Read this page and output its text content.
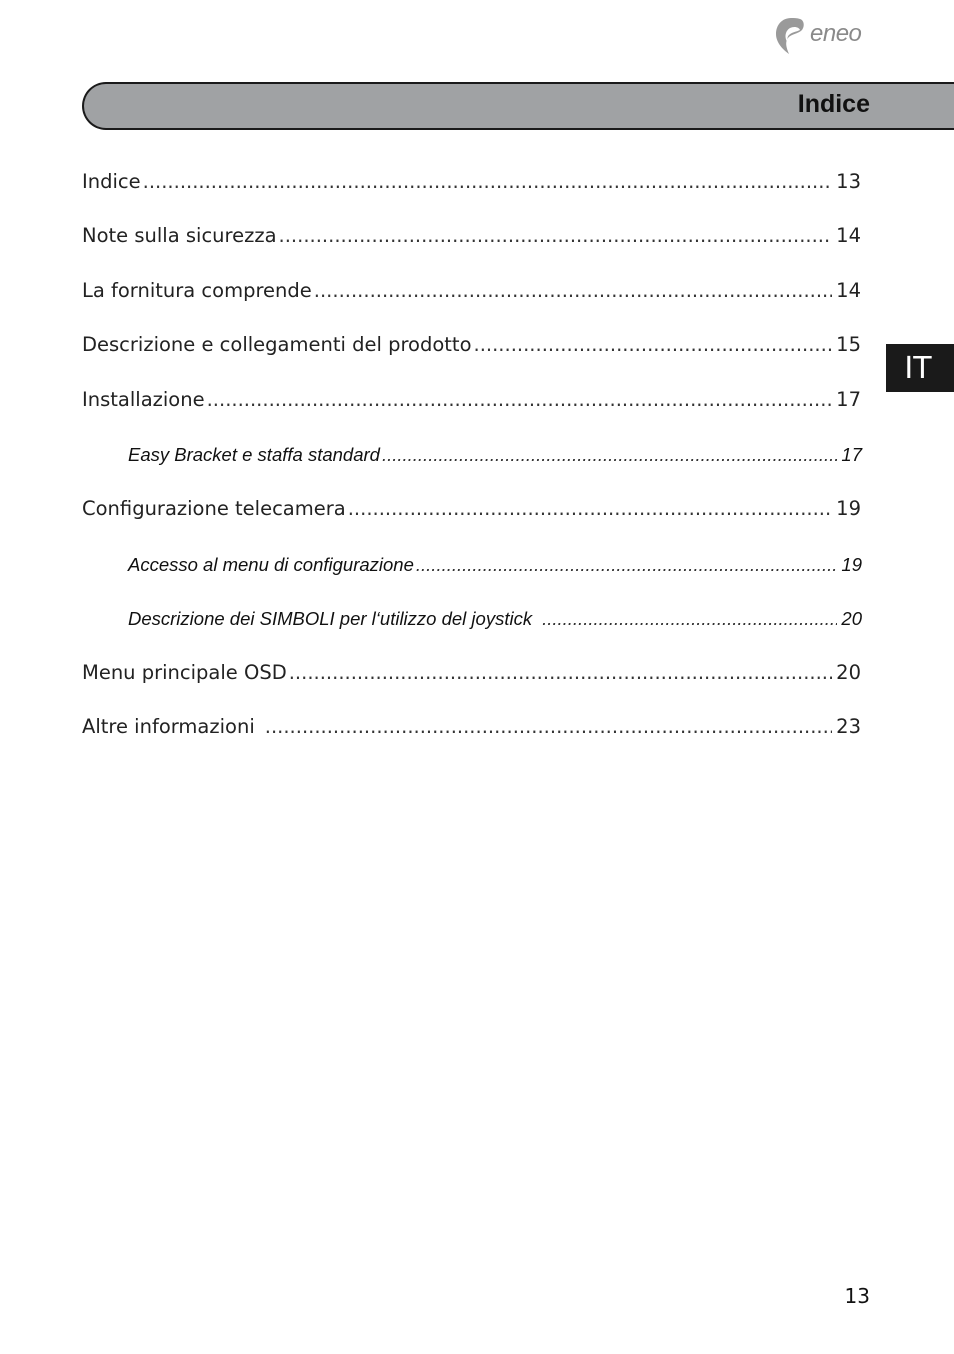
eneo
Indice
IT
Indice .....	13
Note sulla sicurezza .....	14
La fornitura comprende .....	14
Descrizione e collegamenti del prodotto .....	15
Installazione .....	17
Easy Bracket e staffa standard .....	17
Configurazione telecamera .....	19
Accesso al menu di configurazione .....	19
Descrizione dei SIMBOLI per l‘utilizzo del joystick .....	20
Menu principale OSD .....	20
Altre informazioni .....	23
13
